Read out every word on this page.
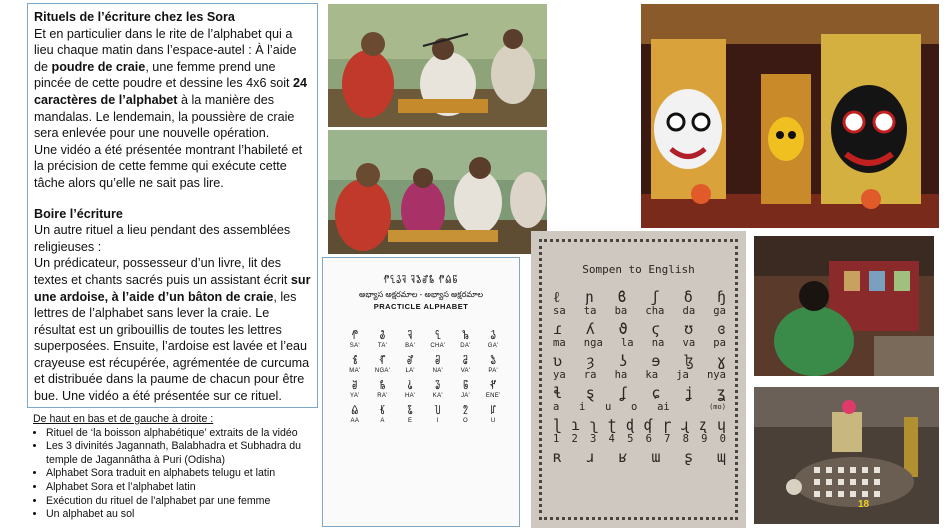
Rituels de l’écriture chez les Sora

Et en particulier dans le rite de l’alphabet qui a lieu chaque matin dans l’espace-autel : À l’aide de poudre de craie, une femme prend une pincée de cette poudre et dessine les 4x6 soit 24 caractères de l’alphabet à la manière des mandalas. Le lendemain, la poussière de craie sera enlevée pour une nouvelle opération.

Une vidéo a été présentée montrant l’habileté et la précision de cette femme qui exécute cette tâche alors qu’elle ne sait pas lire.

Boire l’écriture

Un autre rituel a lieu pendant des assemblées religieuses :

Un prédicateur, possesseur d’un livre, lit des textes et chants sacrés puis un assistant écrit sur une ardoise, à l’aide d’un bâton de craie, les lettres de l’alphabet sans lever la craie. Le résultat est un gribouillis de toutes les lettres superposées. Ensuite, l’ardoise est lavée et l’eau crayeuse est récupérée, agrémentée de curcuma et distribuée dans la paume de chacun pour être bue. Une vidéo a été présentée sur ce rituel.

De haut en bas et de gauche à droite :
• Rituel de ‘la boisson alphabétique’ extraits de la vidéo
• Les 3 divinités Jagannath, Balabhadra et Subhadra du temple de Jagannâtha à Puri (Odisha)
• Alphabet Sora traduit en alphabets telugu et latin
• Alphabet Sora et l’alphabet latin
• Exécution du rituel de l’alphabet par une femme
• Un alphabet au sol
𑃐𑃓𑃕𑃒 𑃒𑃛𑃘𑃝 𑃐𑃢𑃠
అభ్యాస అక్షరమాల - అభ్యాస అక్షరమాల
PRACTICLE ALPHABET
𑃐
SA'
𑃑
TA'
𑃒
BA'
𑃓
CHA'
𑃔
DA'
𑃕
GA'
𑃖
MA'
𑃗
NGA'
𑃘
LA'
𑃙
NA'
𑃚
VA'
𑃛
PA'
𑃜
YA'
𑃝
RA'
𑃞
HA'
𑃟
KA'
𑃠
JA'
𑃡
ENE'
𑃢
AA
𑃣
A
𑃤
E
𑃥
I
𑃦
O
𑃧
U
Sompen to English
ℓ ɲ ϐ ʃ δ ɧ
sa ta ba cha da ga
ɾ ʎ ϑ ϛ ʊ ɞ
ma nga la na va pa
ʋ ȝ ʖ ɘ ɮ ɣ
ya ra ha ka ja nya
ɬ ȿ ʆ ɕ ʝ ʓ
a i u o ai	(mo)
ɭ ɿ ʅ ʈ ɖ ʠ ɼ ɻ ʐ ɥ
1 2 3 4 5 6 7 8 9 0
ʀ ɹ ʁ ɯ ʂ ɰ
18
